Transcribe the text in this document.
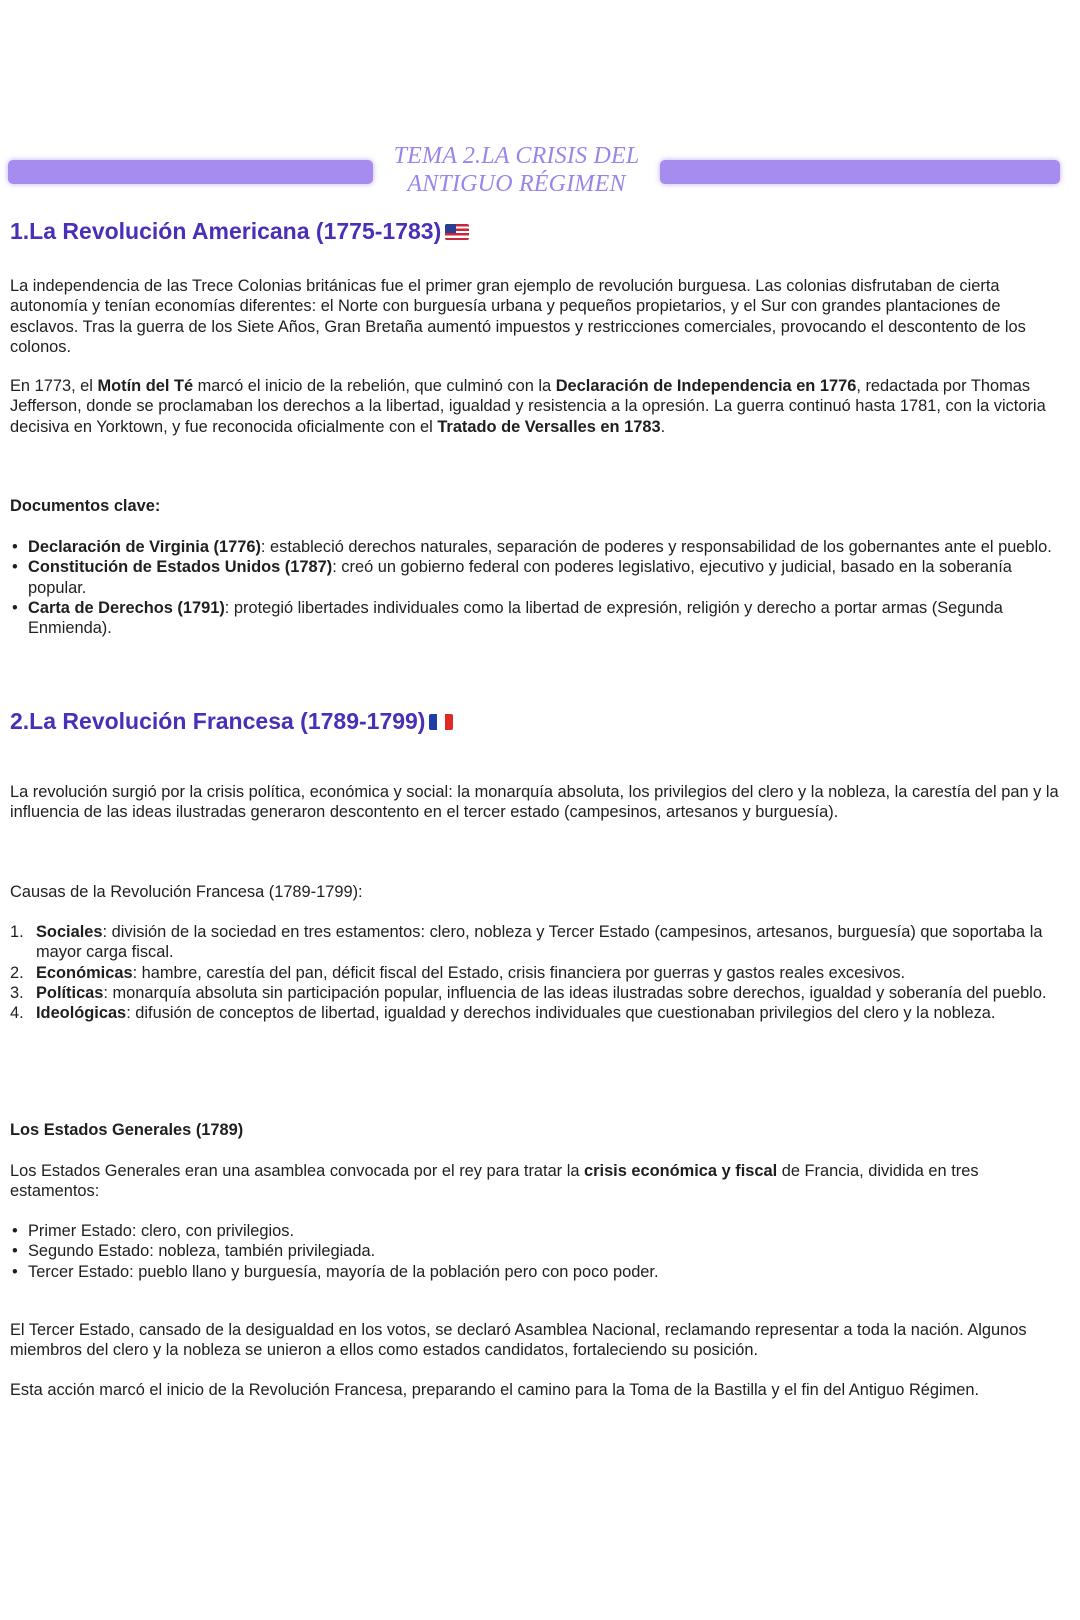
TEMA 2.LA CRISIS DEL
ANTIGUO RÉGIMEN
1.La Revolución Americana (1775-1783)

La independencia de las Trece Colonias británicas fue el primer gran ejemplo de revolución burguesa. Las colonias disfrutaban de cierta autonomía y tenían economías diferentes: el Norte con burguesía urbana y pequeños propietarios, y el Sur con grandes plantaciones de esclavos. Tras la guerra de los Siete Años, Gran Bretaña aumentó impuestos y restricciones comerciales, provocando el descontento de los colonos.

En 1773, el Motín del Té marcó el inicio de la rebelión, que culminó con la Declaración de Independencia en 1776, redactada por Thomas Jefferson, donde se proclamaban los derechos a la libertad, igualdad y resistencia a la opresión. La guerra continuó hasta 1781, con la victoria decisiva en Yorktown, y fue reconocida oficialmente con el Tratado de Versalles en 1783.

Documentos clave:

• Declaración de Virginia (1776): estableció derechos naturales, separación de poderes y responsabilidad de los gobernantes ante el pueblo.
• Constitución de Estados Unidos (1787): creó un gobierno federal con poderes legislativo, ejecutivo y judicial, basado en la soberanía popular.
• Carta de Derechos (1791): protegió libertades individuales como la libertad de expresión, religión y derecho a portar armas (Segunda Enmienda).
2.La Revolución Francesa (1789-1799)

La revolución surgió por la crisis política, económica y social: la monarquía absoluta, los privilegios del clero y la nobleza, la carestía del pan y la influencia de las ideas ilustradas generaron descontento en el tercer estado (campesinos, artesanos y burguesía).

Causas de la Revolución Francesa (1789-1799):

1. Sociales: división de la sociedad en tres estamentos: clero, nobleza y Tercer Estado (campesinos, artesanos, burguesía) que soportaba la mayor carga fiscal.
2. Económicas: hambre, carestía del pan, déficit fiscal del Estado, crisis financiera por guerras y gastos reales excesivos.
3. Políticas: monarquía absoluta sin participación popular, influencia de las ideas ilustradas sobre derechos, igualdad y soberanía del pueblo.
4. Ideológicas: difusión de conceptos de libertad, igualdad y derechos individuales que cuestionaban privilegios del clero y la nobleza.

Los Estados Generales (1789)

Los Estados Generales eran una asamblea convocada por el rey para tratar la crisis económica y fiscal de Francia, dividida en tres estamentos:

• Primer Estado: clero, con privilegios.
• Segundo Estado: nobleza, también privilegiada.
• Tercer Estado: pueblo llano y burguesía, mayoría de la población pero con poco poder.

El Tercer Estado, cansado de la desigualdad en los votos, se declaró Asamblea Nacional, reclamando representar a toda la nación. Algunos miembros del clero y la nobleza se unieron a ellos como estados candidatos, fortaleciendo su posición.

Esta acción marcó el inicio de la Revolución Francesa, preparando el camino para la Toma de la Bastilla y el fin del Antiguo Régimen.
